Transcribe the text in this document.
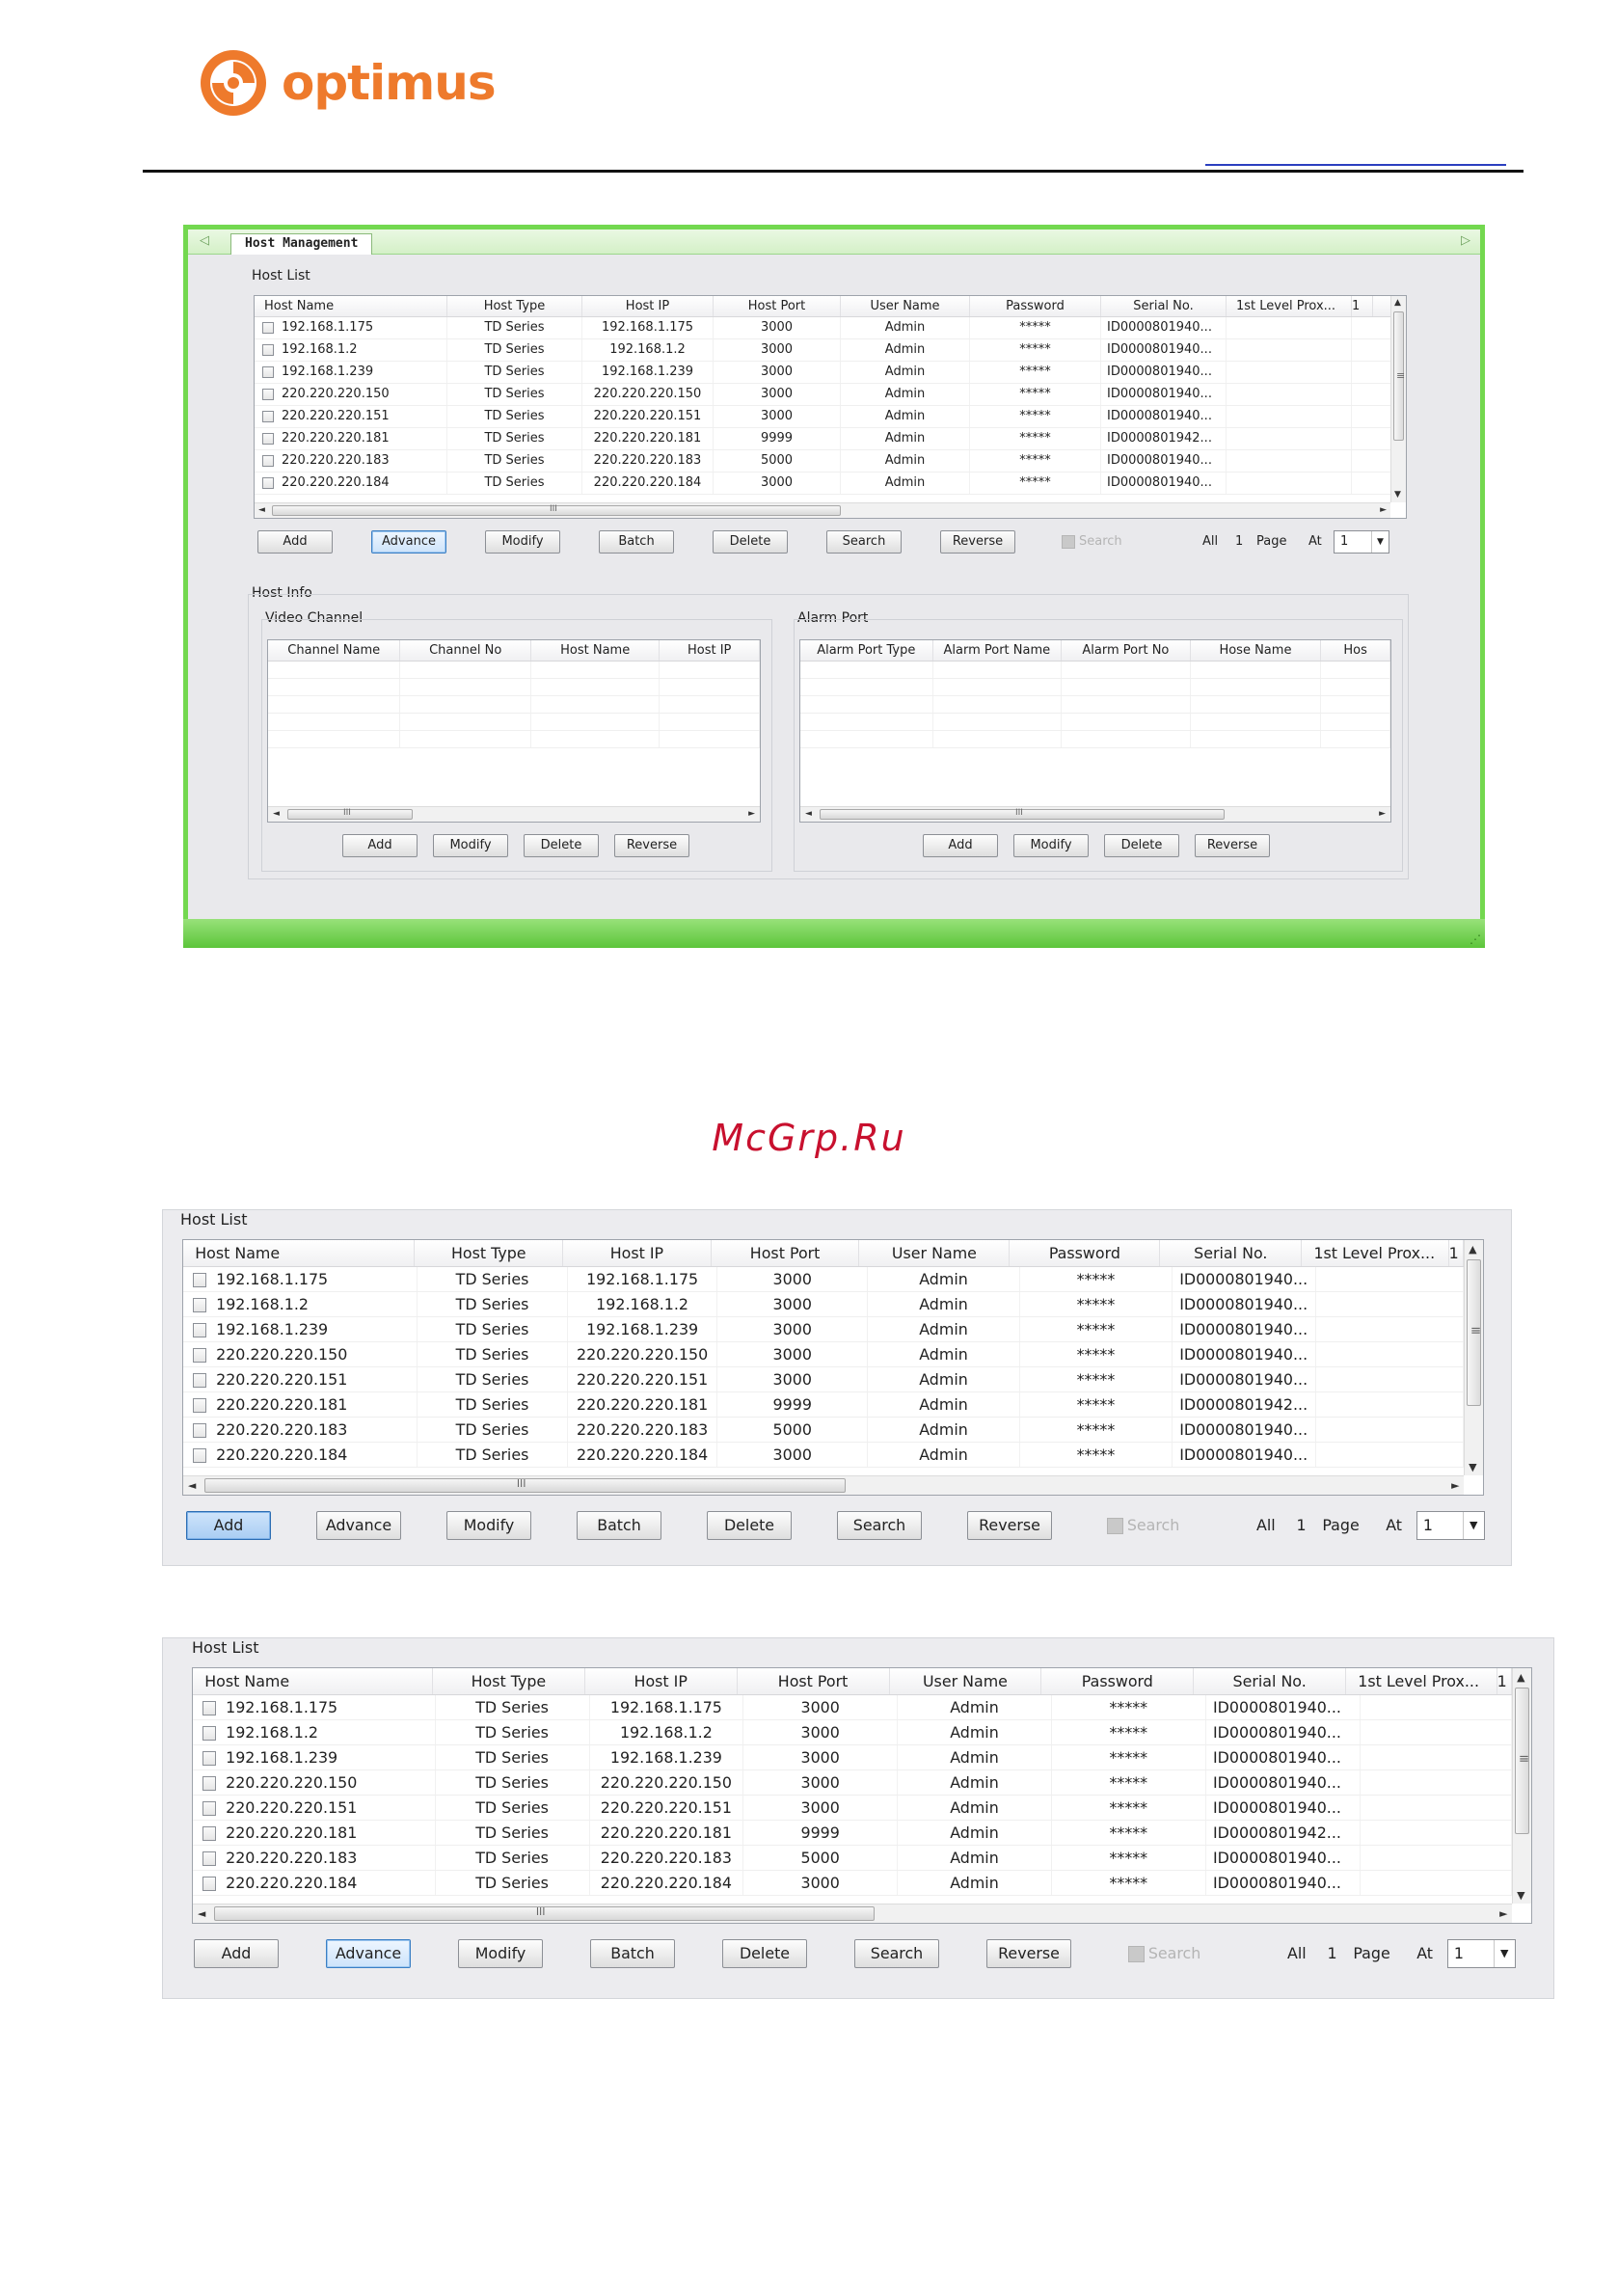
optimus
◁	Host Management	▷
Host List
Host Name	Host Type	Host IP	Host Port	User Name	Password	Serial No.	1st Level Prox...	1
192.168.1.175	TD Series	192.168.1.175	3000	Admin	*****	ID0000801940...
192.168.1.2	TD Series	192.168.1.2	3000	Admin	*****	ID0000801940...
192.168.1.239	TD Series	192.168.1.239	3000	Admin	*****	ID0000801940...
220.220.220.150	TD Series	220.220.220.150	3000	Admin	*****	ID0000801940...
220.220.220.151	TD Series	220.220.220.151	3000	Admin	*****	ID0000801940...
220.220.220.181	TD Series	220.220.220.181	9999	Admin	*****	ID0000801942...
220.220.220.183	TD Series	220.220.220.183	5000	Admin	*****	ID0000801940...
220.220.220.184	TD Series	220.220.220.184	3000	Admin	*****	ID0000801940...
▲
≡
▼
◄	III	►
Add	Advance	Modify	Batch	Delete	Search	Reverse	Search	All 1 Page At 1	▼
Host Info
Video Channel	Alarm Port
Channel Name	Channel No	Host Name	Host IP
◄	III	►
Add	Modify	Delete	Reverse
Alarm Port Type	Alarm Port Name	Alarm Port No	Hose Name	Hos
◄	III	►
Add	Modify	Delete	Reverse
⋰
McGrp.Ru
Host List
Host Name	Host Type	Host IP	Host Port	User Name	Password	Serial No.	1st Level Prox... 1
192.168.1.175	TD Series	192.168.1.175	3000	Admin	*****	ID0000801940...
192.168.1.2	TD Series	192.168.1.2	3000	Admin	*****	ID0000801940...
192.168.1.239	TD Series	192.168.1.239	3000	Admin	*****	ID0000801940...
220.220.220.150	TD Series	220.220.220.150	3000	Admin	*****	ID0000801940...
220.220.220.151	TD Series	220.220.220.151	3000	Admin	*****	ID0000801940...
220.220.220.181	TD Series	220.220.220.181	9999	Admin	*****	ID0000801942...
220.220.220.183	TD Series	220.220.220.183	5000	Admin	*****	ID0000801940...
220.220.220.184	TD Series	220.220.220.184	3000	Admin	*****	ID0000801940...
▲
≡
▼
◄	III	►
Add	Advance	Modify	Batch	Delete	Search	Reverse	Search	All 1 Page At 1	▼
Host List
Host Name	Host Type	Host IP	Host Port	User Name	Password	Serial No.	1st Level Prox...	1
192.168.1.175	TD Series	192.168.1.175	3000	Admin	*****	ID0000801940...
192.168.1.2	TD Series	192.168.1.2	3000	Admin	*****	ID0000801940...
192.168.1.239	TD Series	192.168.1.239	3000	Admin	*****	ID0000801940...
220.220.220.150	TD Series	220.220.220.150	3000	Admin	*****	ID0000801940...
220.220.220.151	TD Series	220.220.220.151	3000	Admin	*****	ID0000801940...
220.220.220.181	TD Series	220.220.220.181	9999	Admin	*****	ID0000801942...
220.220.220.183	TD Series	220.220.220.183	5000	Admin	*****	ID0000801940...
220.220.220.184	TD Series	220.220.220.184	3000	Admin	*****	ID0000801940...
▲
≡
▼
◄	III	►
Add	Advance	Modify	Batch	Delete	Search	Reverse	Search	All 1 Page At 1	▼
